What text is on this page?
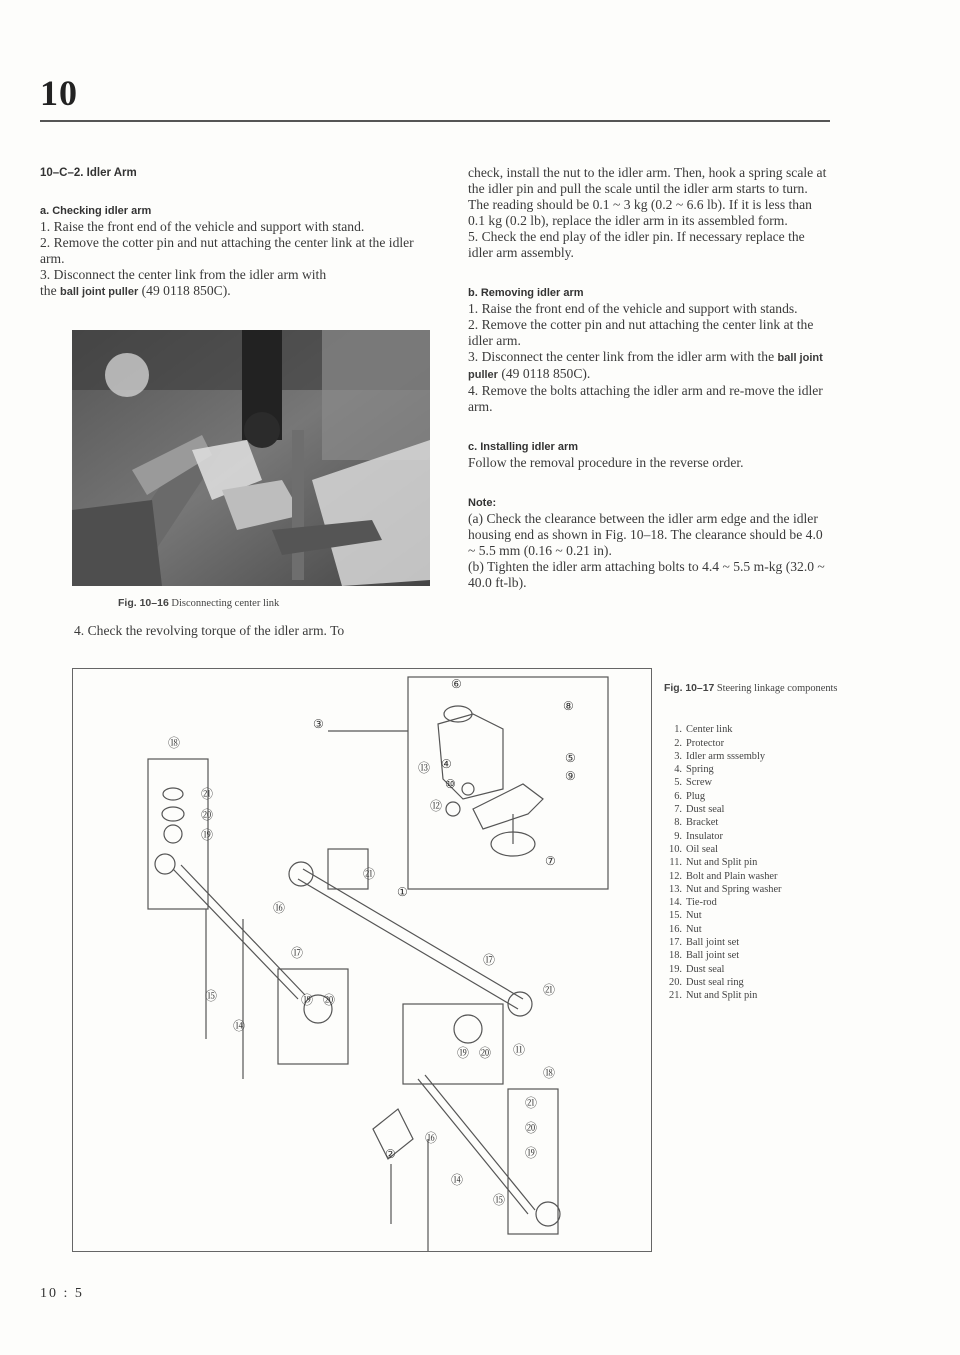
10

10–C–2. Idler Arm

a. Checking idler arm

1. Raise the front end of the vehicle and support with stand.

2. Remove the cotter pin and nut attaching the center link at the idler arm.

3. Disconnect the center link from the idler arm with

the ball joint puller (49 0118 850C).

Fig. 10–16 Disconnecting center link
4. Check the revolving torque of the idler arm. To

check, install the nut to the idler arm. Then, hook a spring scale at the idler pin and pull the scale until the idler arm starts to turn.

The reading should be 0.1 ~ 3 kg (0.2 ~ 6.6 lb). If it is less than 0.1 kg (0.2 lb), replace the idler arm in its assembled form.

5. Check the end play of the idler pin. If necessary replace the idler arm assembly.

b. Removing idler arm

1. Raise the front end of the vehicle and support with stands.

2. Remove the cotter pin and nut attaching the center link at the idler arm.

3. Disconnect the center link from the idler arm with the ball joint puller (49 0118 850C).

4. Remove the bolts attaching the idler arm and re-move the idler arm.

c. Installing idler arm

Follow the removal procedure in the reverse order.

Note:

(a) Check the clearance between the idler arm edge and the idler housing end as shown in Fig. 10–18. The clearance should be 4.0 ~ 5.5 mm (0.16 ~ 0.21 in).

(b) Tighten the idler arm attaching bolts to 4.4 ~ 5.5 m-kg (32.0 ~ 40.0 ft-lb).

⑥
⑧
③
⑱
④	⑤
⑬
⑩
⑨
㉑
⑳
⑲
⑫
⑦
㉑
①
⑯
⑰	⑰
⑲ ⑳
㉑
⑮
⑭
⑲ ⑳ ⑪
⑱
㉑
⑳
⑲
⑯
②
⑭
⑮
Fig. 10–17 Steering linkage components
1. Center link
2. Protector
3. Idler arm sssembly
4. Spring
5. Screw
6. Plug
7. Dust seal
8. Bracket
9. Insulator
10. Oil seal
11. Nut and Split pin
12. Bolt and Plain washer
13. Nut and Spring washer
14. Tie-rod
15. Nut
16. Nut
17. Ball joint set
18. Ball joint set
19. Dust seal
20. Dust seal ring
21. Nut and Split pin
10 : 5
